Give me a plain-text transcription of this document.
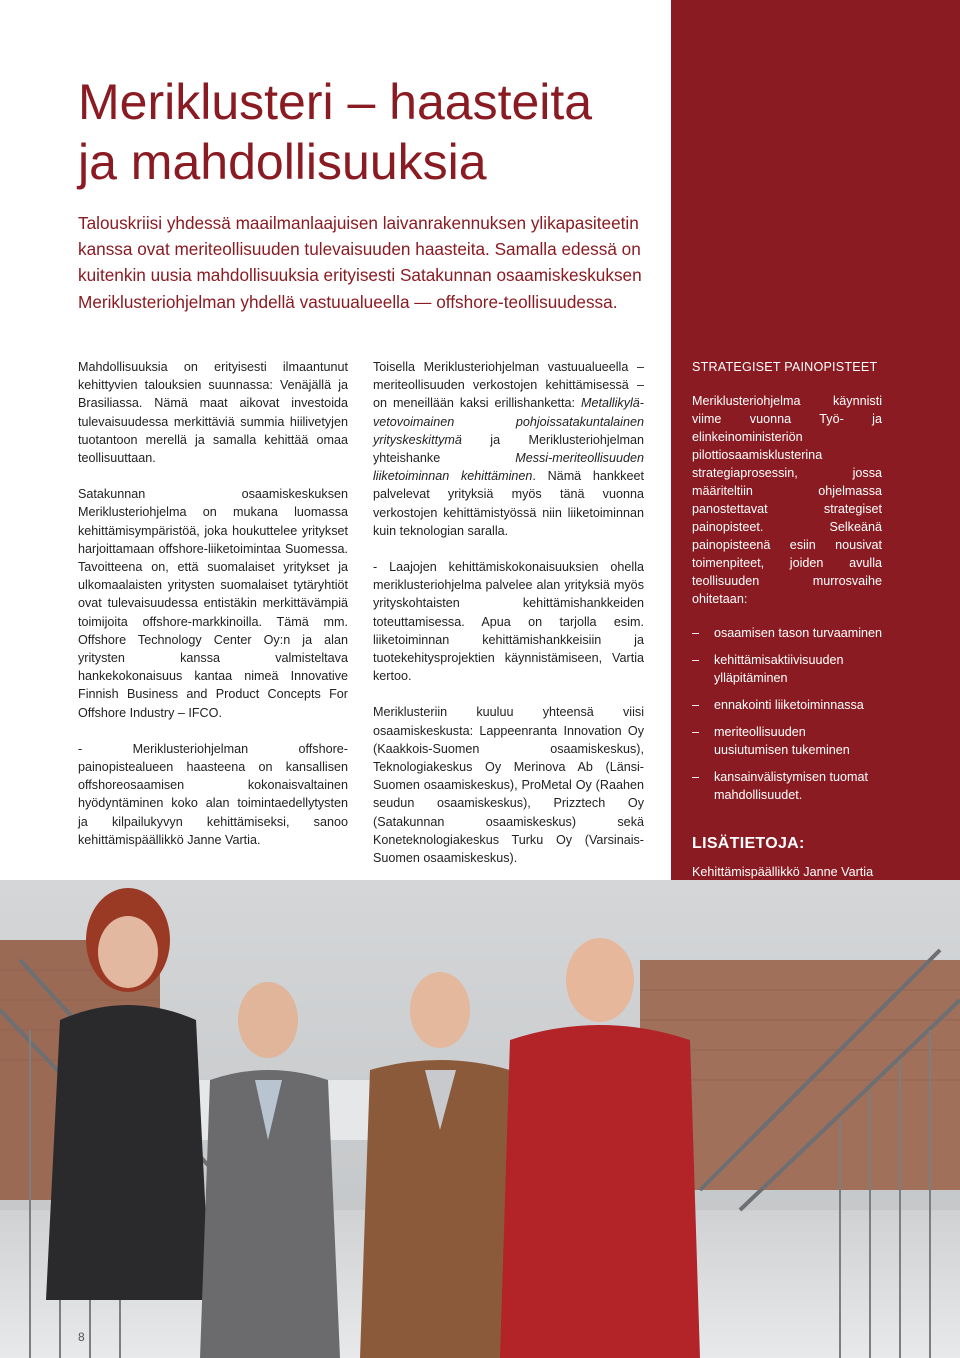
Meriklusteri – haasteita
ja mahdollisuuksia

Talouskriisi yhdessä maailmanlaajuisen laivanrakennuksen ylikapasiteetin kanssa ovat meriteollisuuden tulevaisuuden haasteita. Samalla edessä on kuitenkin uusia mahdollisuuksia erityisesti Satakunnan osaamiskeskuksen Meriklusteriohjelman yhdellä vastuualueella — offshore-teollisuudessa.

Mahdollisuuksia on erityisesti ilmaantunut kehittyvien talouksien suunnassa: Venäjällä ja Brasiliassa. Nämä maat aikovat investoida tulevaisuudessa merkittäviä summia hiilivetyjen tuotantoon merellä ja samalla kehittää omaa teollisuuttaan.

Satakunnan osaamiskeskuksen Meriklusteriohjelma on mukana luomassa kehittämisympäristöä, joka houkuttelee yritykset harjoittamaan offshore-liiketoimintaa Suomessa. Tavoitteena on, että suomalaiset yritykset ja ulkomaalaisten yritysten suomalaiset tytäryhtiöt ovat tulevaisuudessa entistäkin merkittävämpiä toimijoita offshore-markkinoilla. Tämä mm. Offshore Technology Center Oy:n ja alan yritysten kanssa valmisteltava hankekokonaisuus kantaa nimeä Innovative Finnish Business and Product Concepts For Offshore Industry – IFCO.

- Meriklusteriohjelman offshore-painopistealueen haasteena on kansallisen offshoreosaamisen kokonaisvaltainen hyödyntäminen koko alan toimintaedellytysten ja kilpailukyvyn kehittämiseksi, sanoo kehittämispäällikkö Janne Vartia.

Toisella Meriklusteriohjelman vastuualueella – meriteollisuuden verkostojen kehittämisessä – on meneillään kaksi erillishanketta: Metallikylä- vetovoimainen pohjoissatakuntalainen yrityskeskittymä ja Meriklusteriohjelman yhteishanke Messi-meriteollisuuden liiketoiminnan kehittäminen. Nämä hankkeet palvelevat yrityksiä myös tänä vuonna verkostojen kehittämistyössä niin liiketoiminnan kuin teknologian saralla.

- Laajojen kehittämiskokonaisuuksien ohella meriklusteriohjelma palvelee alan yrityksiä myös yrityskohtaisten kehittämishankkeiden toteuttamisessa. Apua on tarjolla esim. liiketoiminnan kehittämishankkeisiin ja tuotekehitysprojektien käynnistämiseen, Vartia kertoo.

Meriklusteriin kuuluu yhteensä viisi osaamiskeskusta: Lappeenranta Innovation Oy (Kaakkois-Suomen osaamiskeskus), Teknologiakeskus Oy Merinova Ab (Länsi-Suomen osaamiskeskus), ProMetal Oy (Raahen seudun osaamiskeskus), Prizztech Oy (Satakunnan osaamiskeskus) sekä Koneteknologiakeskus Turku Oy (Varsinais-Suomen osaamiskeskus).

STRATEGISET PAINOPISTEET

Meriklusteriohjelma käynnisti viime vuonna Työ- ja elinkeinoministeriön pilottiosaamisklusterina strategiaprosessin, jossa määriteltiin ohjelmassa panostettavat strategiset painopisteet. Selkeänä painopisteenä esiin nousivat toimenpiteet, joiden avulla teollisuuden murrosvaihe ohitetaan:

– osaamisen tason turvaaminen
– kehittämisaktiivisuuden ylläpitäminen
– ennakointi liiketoiminnassa
– meriteollisuuden uusiutumisen tukeminen
– kansainvälistymisen tuomat mahdollisuudet.
LISÄTIETOJA:
Kehittämispäällikkö Janne Vartia
8
